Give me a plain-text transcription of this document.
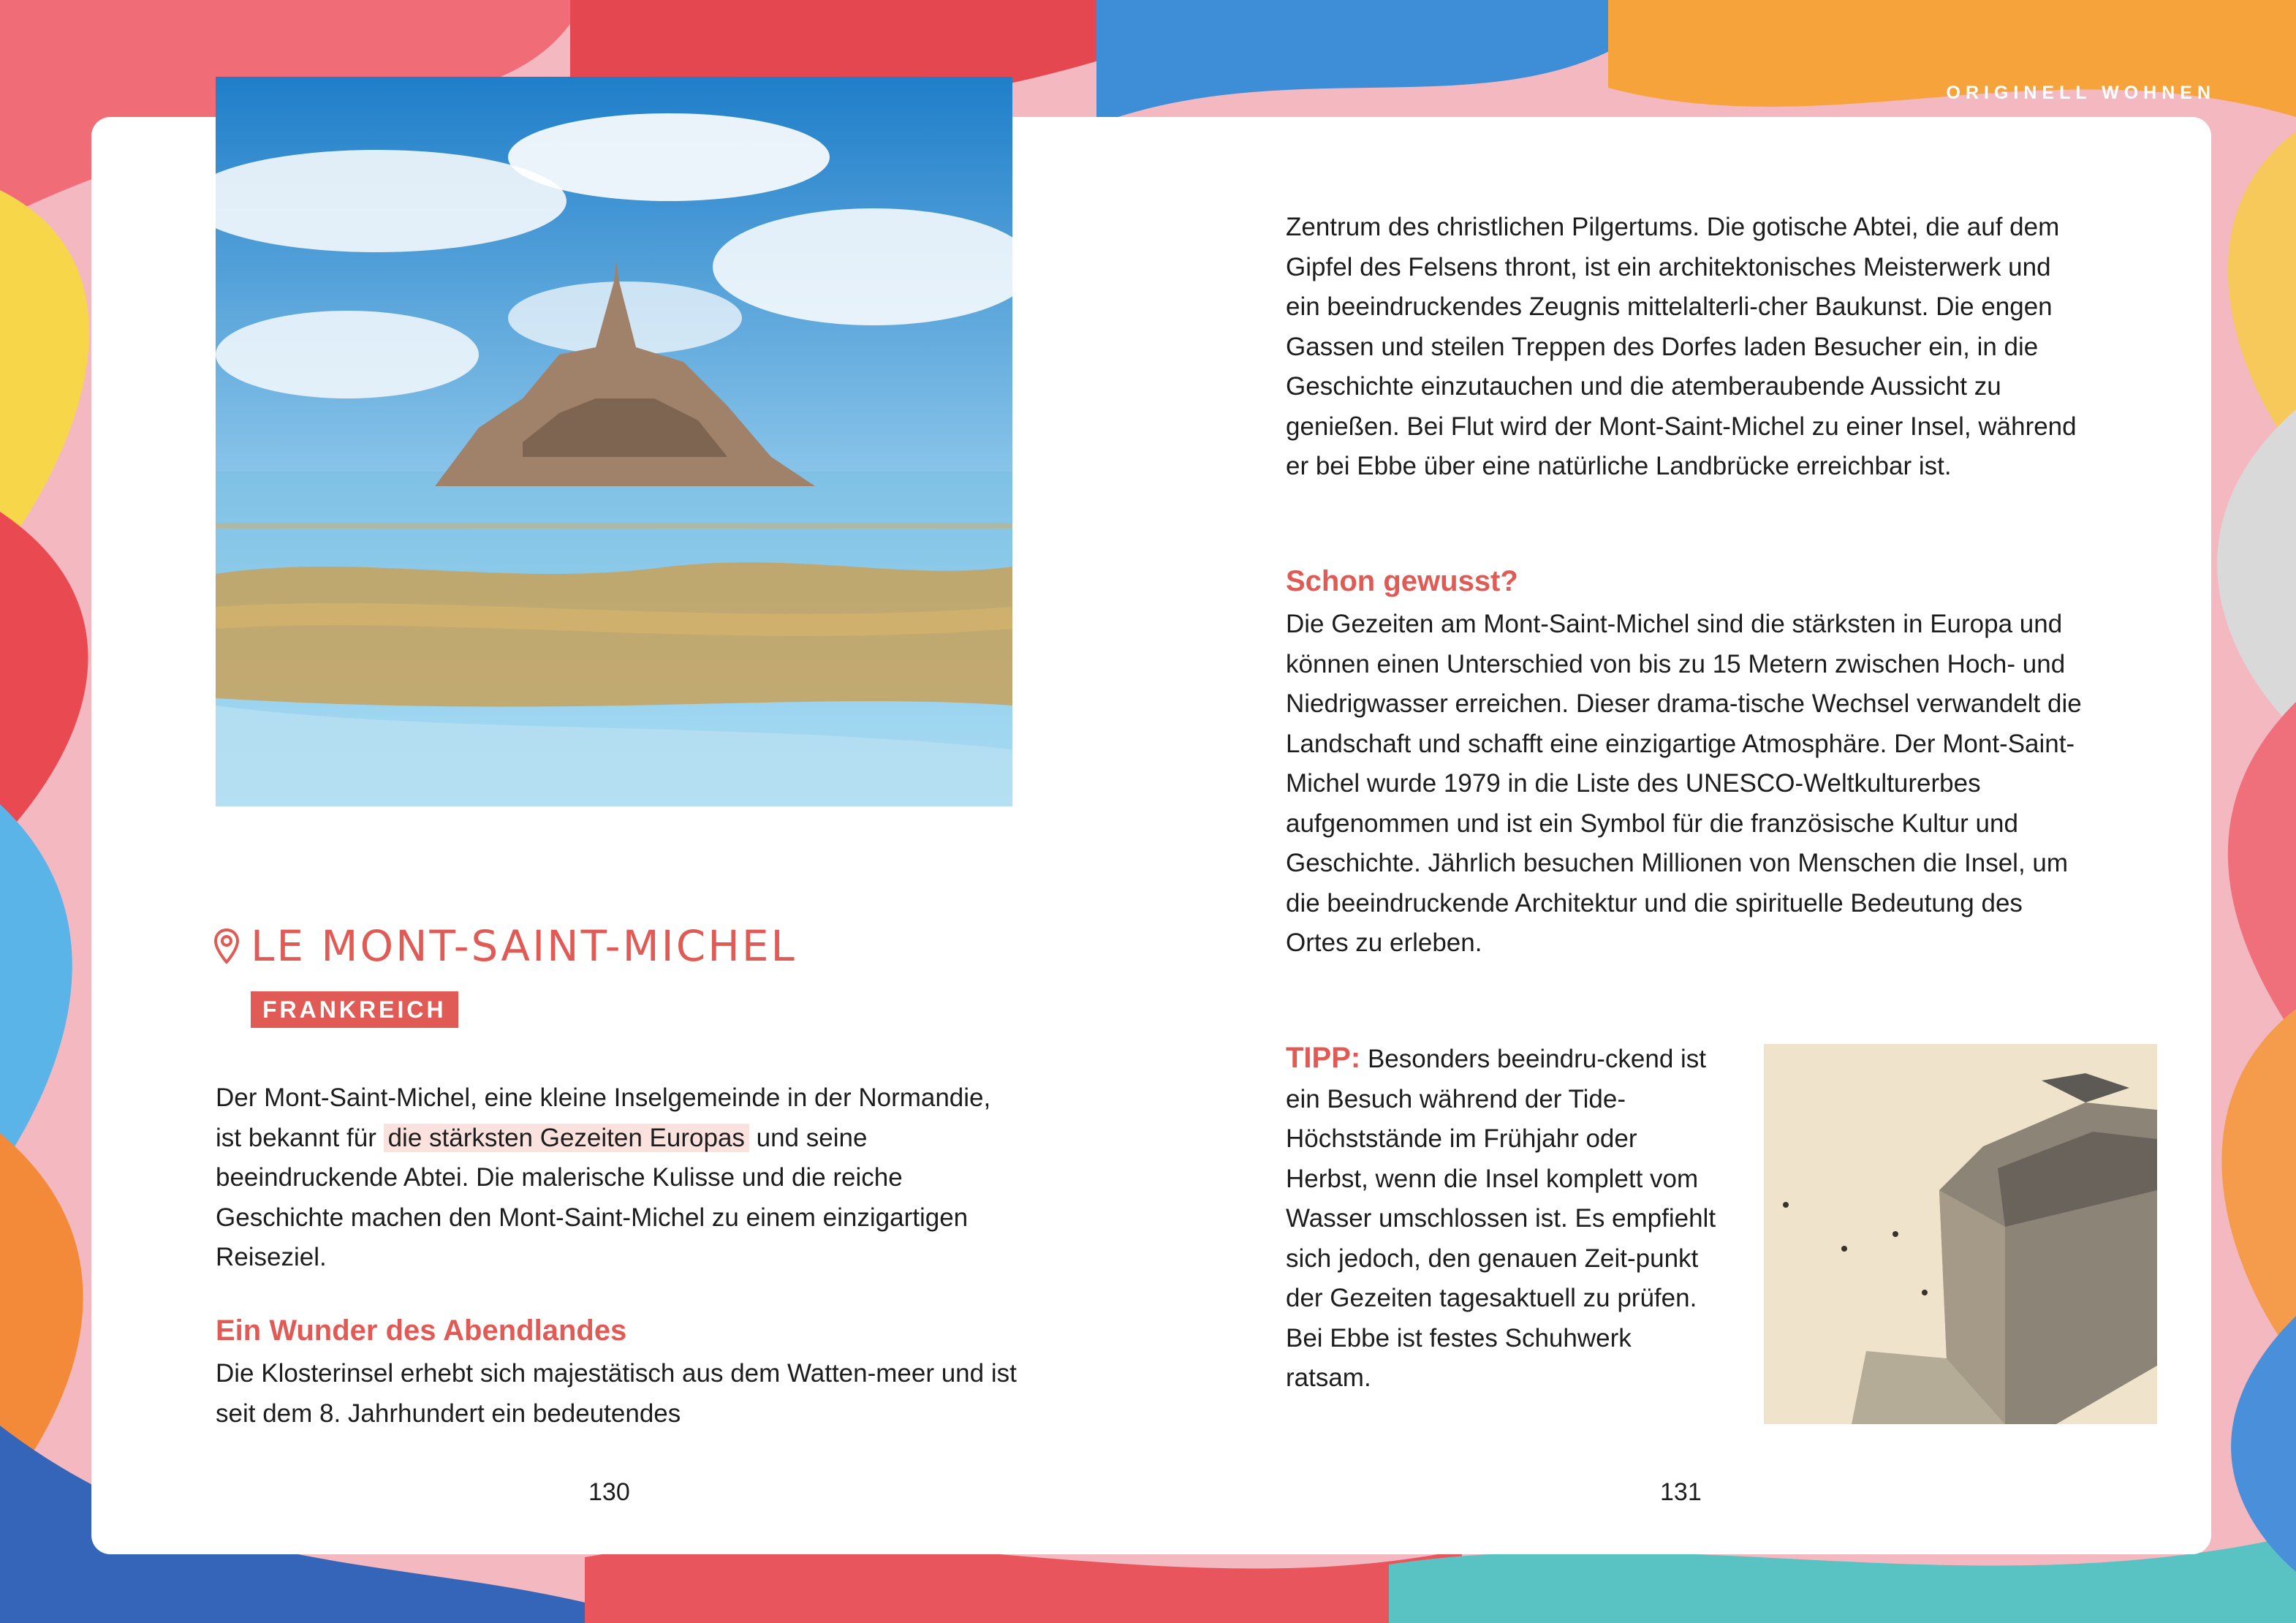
ORIGINELL WOHNEN
LE MONT-SAINT-MICHEL
FRANKREICH
Der Mont-Saint-Michel, eine kleine Inselgemeinde in der Normandie, ist bekannt für die stärksten Gezeiten Europas und seine beeindruckende Abtei. Die malerische Kulisse und die reiche Geschichte machen den Mont-Saint-Michel zu einem einzigartigen Reiseziel.
Ein Wunder des Abendlandes
Die Klosterinsel erhebt sich majestätisch aus dem Watten-meer und ist seit dem 8. Jahrhundert ein bedeutendes
130
Zentrum des christlichen Pilgertums. Die gotische Abtei, die auf dem Gipfel des Felsens thront, ist ein architektonisches Meisterwerk und ein beeindruckendes Zeugnis mittelalterli-cher Baukunst. Die engen Gassen und steilen Treppen des Dorfes laden Besucher ein, in die Geschichte einzutauchen und die atemberaubende Aussicht zu genießen. Bei Flut wird der Mont-Saint-Michel zu einer Insel, während er bei Ebbe über eine natürliche Landbrücke erreichbar ist.
Schon gewusst?
Die Gezeiten am Mont-Saint-Michel sind die stärksten in Europa und können einen Unterschied von bis zu 15 Metern zwischen Hoch- und Niedrigwasser erreichen. Dieser drama-tische Wechsel verwandelt die Landschaft und schafft eine einzigartige Atmosphäre. Der Mont-Saint-Michel wurde 1979 in die Liste des UNESCO-Weltkulturerbes aufgenommen und ist ein Symbol für die französische Kultur und Geschichte. Jährlich besuchen Millionen von Menschen die Insel, um die beeindruckende Architektur und die spirituelle Bedeutung des Ortes zu erleben.
TIPP: Besonders beeindru-ckend ist ein Besuch während der Tide-Höchststände im Frühjahr oder Herbst, wenn die Insel komplett vom Wasser umschlossen ist. Es empfiehlt sich jedoch, den genauen Zeit-punkt der Gezeiten tagesaktuell zu prüfen. Bei Ebbe ist festes Schuhwerk ratsam.
131
